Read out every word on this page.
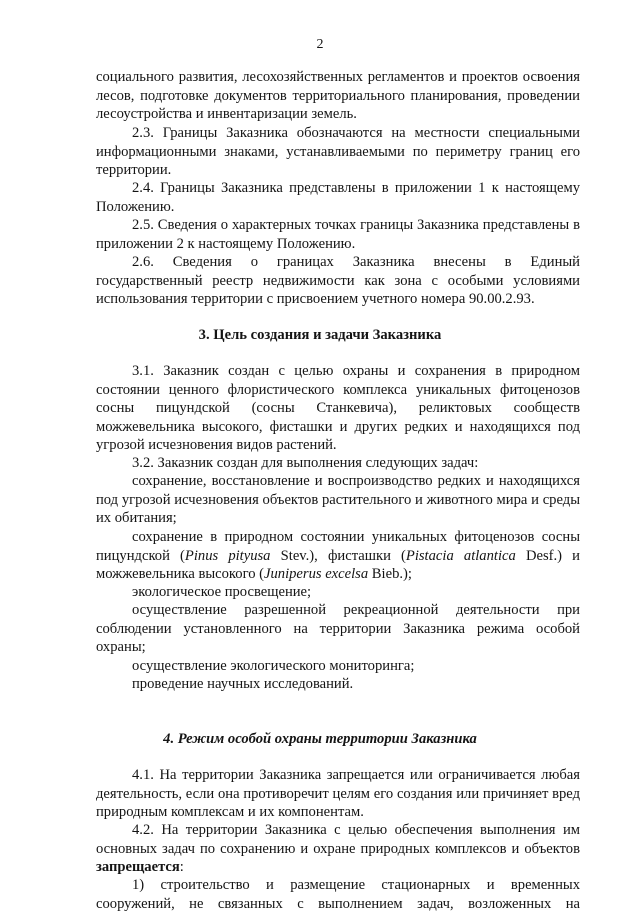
2

социального развития, лесохозяйственных регламентов и проектов освоения лесов, подготовке документов территориального планирования, проведении лесоустройства и инвентаризации земель.

2.3. Границы Заказника обозначаются на местности специальными информационными знаками, устанавливаемыми по периметру границ его территории.

2.4. Границы Заказника представлены в приложении 1 к настоящему Положению.

2.5. Сведения о характерных точках границы Заказника представлены в приложении 2 к настоящему Положению.

2.6. Сведения о границах Заказника внесены в Единый государственный реестр недвижимости как зона с особыми условиями использования территории с присвоением учетного номера 90.00.2.93.

3. Цель создания и задачи Заказника

3.1. Заказник создан с целью охраны и сохранения в природном состоянии ценного флористического комплекса уникальных фитоценозов сосны пицундской (сосны Станкевича), реликтовых сообществ можжевельника высокого, фисташки и других редких и находящихся под угрозой исчезновения видов растений.

3.2. Заказник создан для выполнения следующих задач:

сохранение, восстановление и воспроизводство редких и находящихся под угрозой исчезновения объектов растительного и животного мира и среды их обитания;

сохранение в природном состоянии уникальных фитоценозов сосны пицундской (Pinus pityusa Stev.), фисташки (Pistacia atlantica Desf.) и можжевельника высокого (Juniperus excelsa Bieb.);

экологическое просвещение;

осуществление разрешенной рекреационной деятельности при соблюдении установленного на территории Заказника режима особой охраны;

осуществление экологического мониторинга;

проведение научных исследований.

4. Режим особой охраны территории Заказника

4.1. На территории Заказника запрещается или ограничивается любая деятельность, если она противоречит целям его создания или причиняет вред природным комплексам и их компонентам.

4.2. На территории Заказника с целью обеспечения выполнения им основных задач по сохранению и охране природных комплексов и объектов запрещается:

1) строительство и размещение стационарных и временных сооружений, не связанных с выполнением задач, возложенных на
